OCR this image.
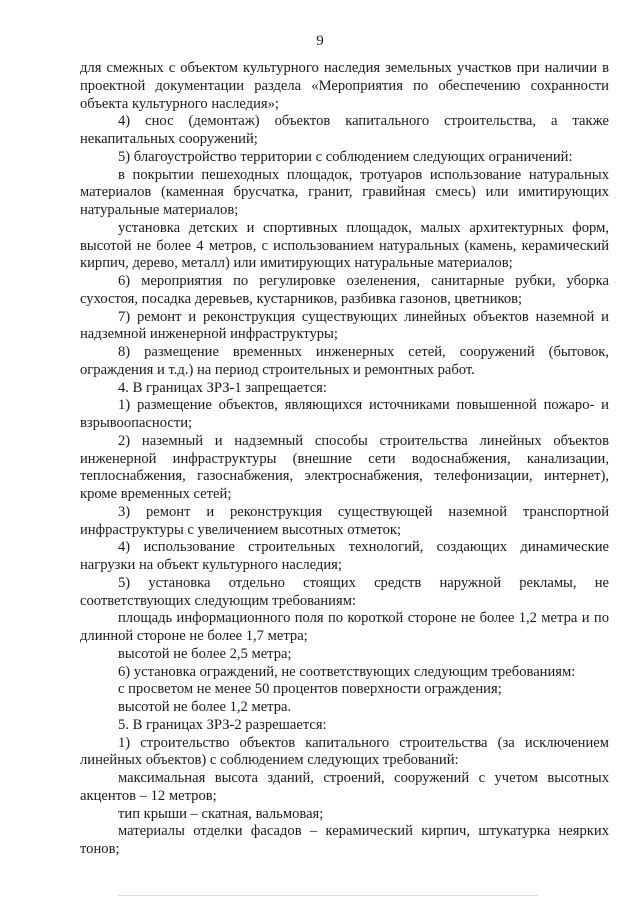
9

для смежных с объектом культурного наследия земельных участков при наличии в проектной документации раздела «Мероприятия по обеспечению сохранности объекта культурного наследия»;

4) снос (демонтаж) объектов капитального строительства, а также некапитальных сооружений;

5) благоустройство территории с соблюдением следующих ограничений:

в покрытии пешеходных площадок, тротуаров использование натуральных материалов (каменная брусчатка, гранит, гравийная смесь) или имитирующих натуральные материалов;

установка детских и спортивных площадок, малых архитектурных форм, высотой не более 4 метров, с использованием натуральных (камень, керамический кирпич, дерево, металл) или имитирующих натуральные материалов;

6) мероприятия по регулировке озеленения, санитарные рубки, уборка сухостоя, посадка деревьев, кустарников, разбивка газонов, цветников;

7) ремонт и реконструкция существующих линейных объектов наземной и надземной инженерной инфраструктуры;

8) размещение временных инженерных сетей, сооружений (бытовок, ограждения и т.д.) на период строительных и ремонтных работ.

4. В границах ЗРЗ-1 запрещается:

1) размещение объектов, являющихся источниками повышенной пожаро- и взрывоопасности;

2) наземный и надземный способы строительства линейных объектов инженерной инфраструктуры (внешние сети водоснабжения, канализации, теплоснабжения, газоснабжения, электроснабжения, телефонизации, интернет), кроме временных сетей;

3) ремонт и реконструкция существующей наземной транспортной инфраструктуры с увеличением высотных отметок;

4) использование строительных технологий, создающих динамические нагрузки на объект культурного наследия;

5) установка отдельно стоящих средств наружной рекламы, не соответствующих следующим требованиям:

площадь информационного поля по короткой стороне не более 1,2 метра и по длинной стороне не более 1,7 метра;

высотой не более 2,5 метра;

6) установка ограждений, не соответствующих следующим требованиям:

с просветом не менее 50 процентов поверхности ограждения;

высотой не более 1,2 метра.

5. В границах ЗРЗ-2 разрешается:

1) строительство объектов капитального строительства (за исключением линейных объектов) с соблюдением следующих требований:

максимальная высота зданий, строений, сооружений с учетом высотных акцентов – 12 метров;

тип крыши – скатная, вальмовая;

материалы отделки фасадов – керамический кирпич, штукатурка неярких тонов;
